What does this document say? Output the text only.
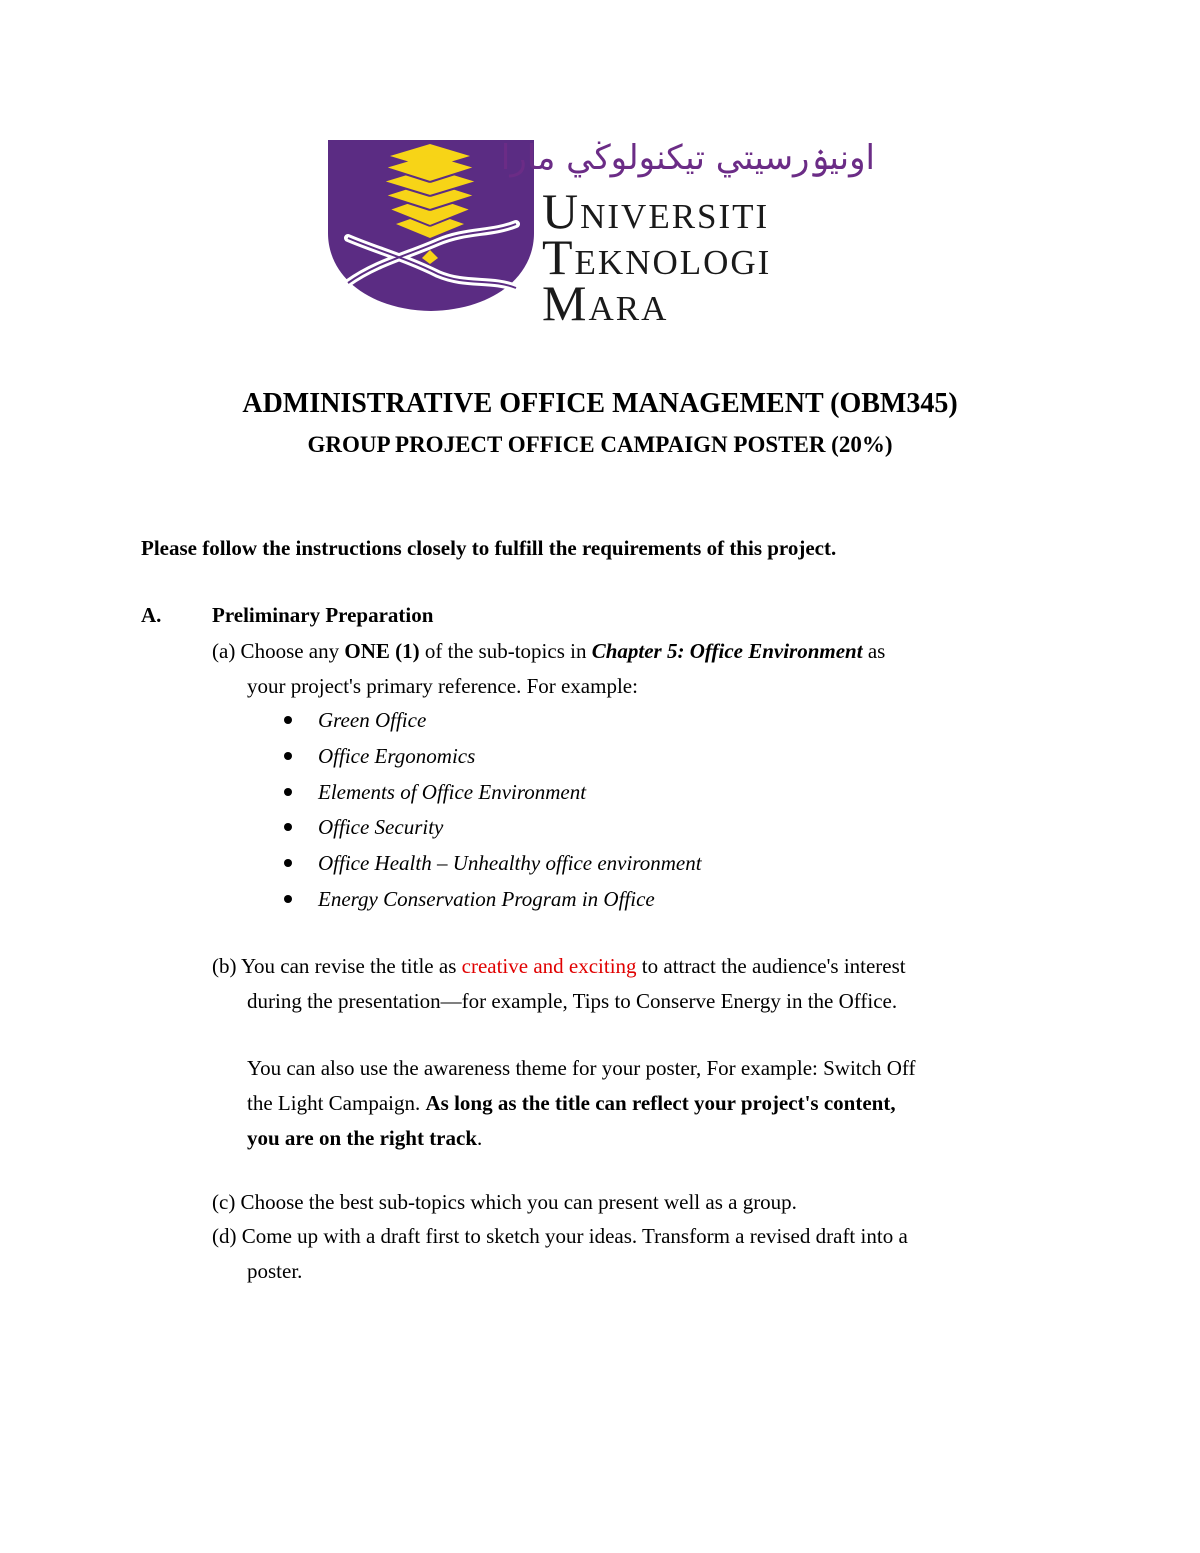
اونيۏرسيتي تيكنولوڬي مارا
Universiti
Teknologi
Mara
ADMINISTRATIVE OFFICE MANAGEMENT (OBM345)
GROUP PROJECT OFFICE CAMPAIGN POSTER (20%)
Please follow the instructions closely to fulfill the requirements of this project.
A. Preliminary Preparation
(a) Choose any ONE (1) of the sub-topics in Chapter 5: Office Environment as
your project's primary reference. For example:
Green Office
Office Ergonomics
Elements of Office Environment
Office Security
Office Health – Unhealthy office environment
Energy Conservation Program in Office
(b) You can revise the title as creative and exciting to attract the audience's interest
during the presentation—for example, Tips to Conserve Energy in the Office.
You can also use the awareness theme for your poster, For example: Switch Off
the Light Campaign. As long as the title can reflect your project's content,
you are on the right track.
(c) Choose the best sub-topics which you can present well as a group.
(d) Come up with a draft first to sketch your ideas. Transform a revised draft into a
poster.
